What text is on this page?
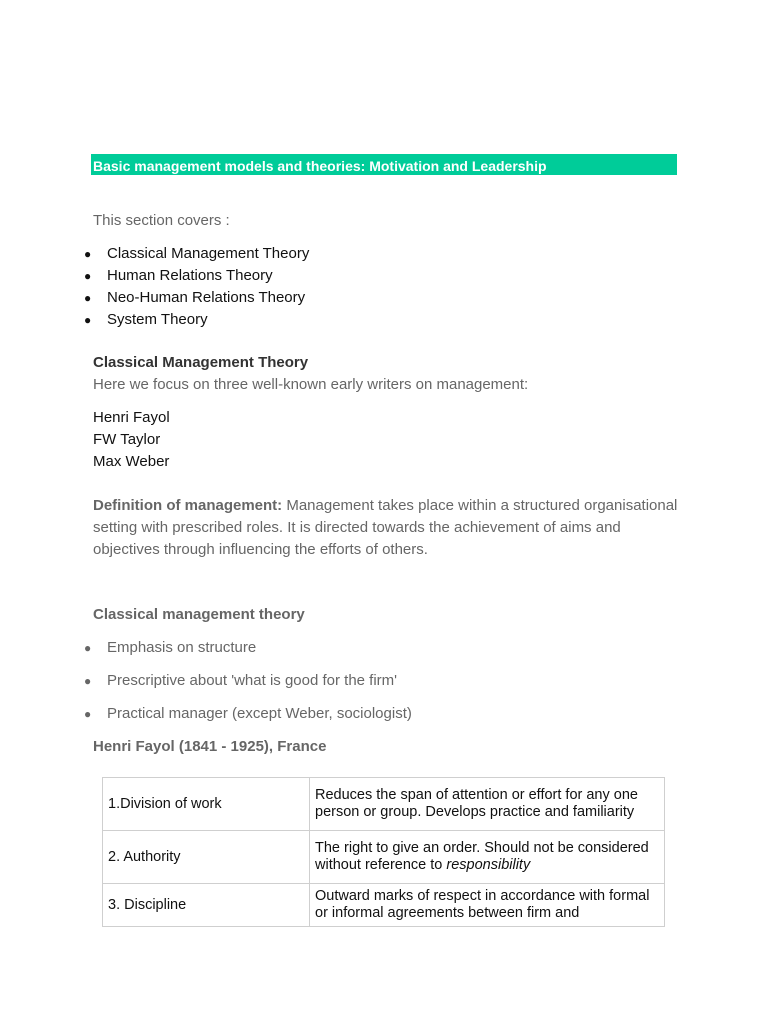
Basic management models and theories: Motivation and Leadership
This section covers :
● Classical Management Theory
● Human Relations Theory
● Neo-Human Relations Theory
● System Theory
Classical Management Theory
Here we focus on three well-known early writers on management:
Henri Fayol
FW Taylor
Max Weber
Definition of management: Management takes place within a structured organisational setting with prescribed roles. It is directed towards the achievement of aims and objectives through influencing the efforts of others.
Classical management theory
● Emphasis on structure
● Prescriptive about 'what is good for the firm'
● Practical manager (except Weber, sociologist)
Henri Fayol (1841 - 1925), France
1.Division of work	Reduces the span of attention or effort for any one person or group. Develops practice and familiarity
2. Authority	The right to give an order. Should not be considered without reference to responsibility
3. Discipline	Outward marks of respect in accordance with formal or informal agreements between firm and
